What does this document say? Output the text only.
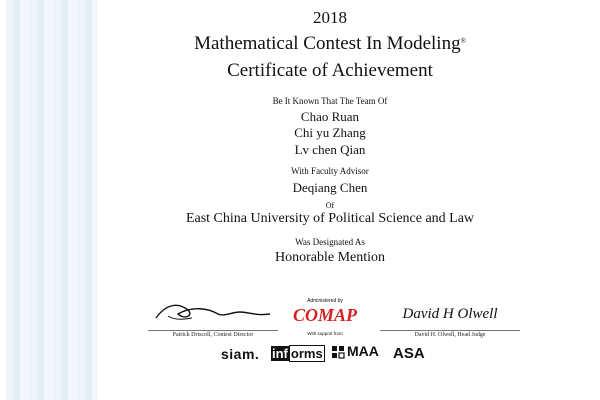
2018
Mathematical Contest In Modeling®
Certificate of Achievement
Be It Known That The Team Of
Chao Ruan
Chi yu Zhang
Lv chen Qian
With Faculty Advisor
Deqiang Chen
Of
East China University of Political Science and Law
Was Designated As
Honorable Mention
Patrick Driscoll, Contest Director
Administered by
COMAP
With support from
David H Olwell
David H. Olwell, Head Judge
siam. inf orms	MAA ASA
